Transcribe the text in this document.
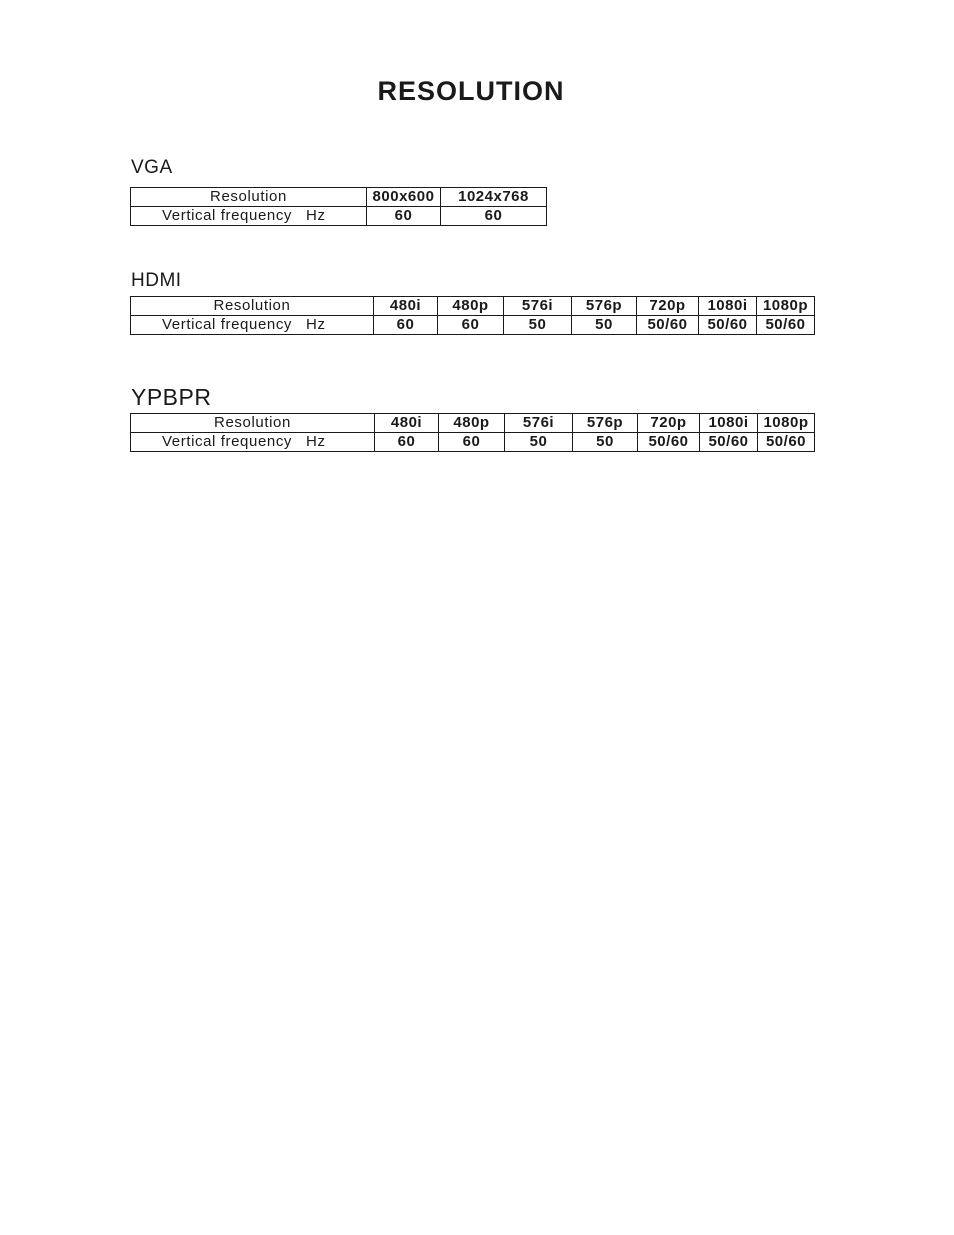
RESOLUTION
VGA
Resolution	800x600	1024x768
Vertical frequency Hz	60	60
HDMI
Resolution	480i	480p	576i	576p	720p	1080i	1080p
Vertical frequency Hz	60	60	50	50	50/60	50/60	50/60
YPBPR
Resolution	480i	480p	576i	576p	720p	1080i	1080p
Vertical frequency Hz	60	60	50	50	50/60	50/60	50/60
